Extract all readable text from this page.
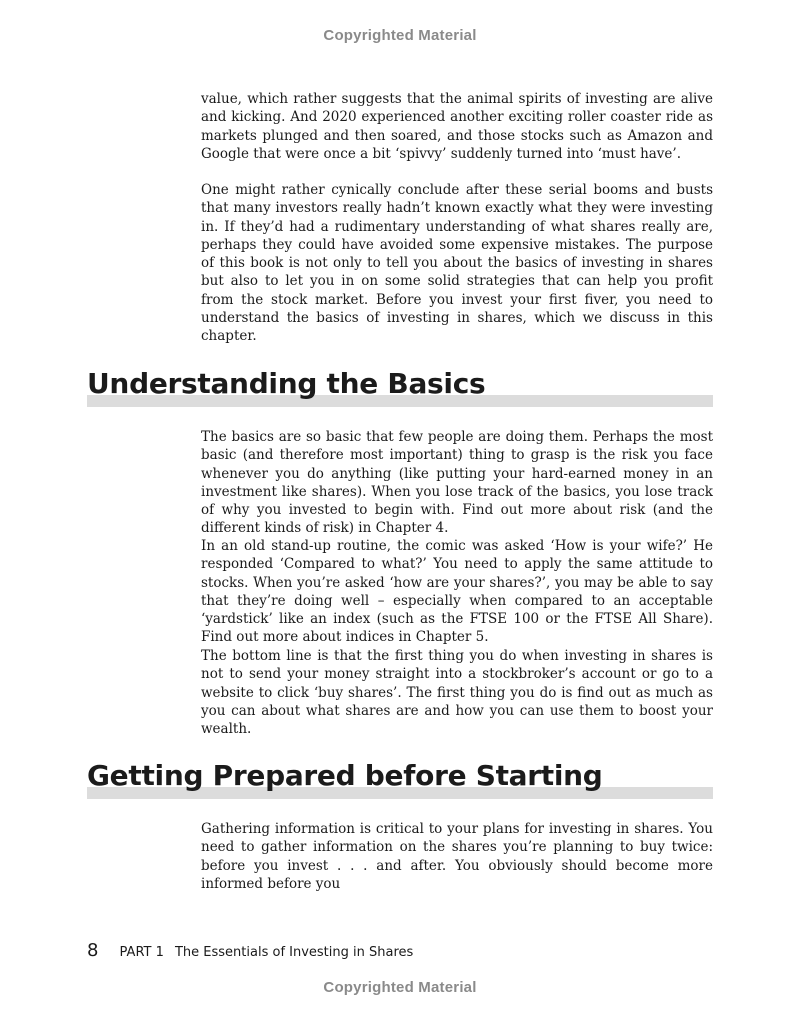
Copyrighted Material

value, which rather suggests that the animal spirits of investing are alive and kicking. And 2020 experienced another exciting roller coaster ride as markets plunged and then soared, and those stocks such as Amazon and Google that were once a bit ‘spivvy’ suddenly turned into ‘must have’.

One might rather cynically conclude after these serial booms and busts that many investors really hadn’t known exactly what they were investing in. If they’d had a rudimentary understanding of what shares really are, perhaps they could have avoided some expensive mistakes. The purpose of this book is not only to tell you about the basics of investing in shares but also to let you in on some solid strategies that can help you profit from the stock market. Before you invest your first fiver, you need to understand the basics of investing in shares, which we discuss in this chapter.

Understanding the Basics

The basics are so basic that few people are doing them. Perhaps the most basic (and therefore most important) thing to grasp is the risk you face whenever you do anything (like putting your hard-earned money in an investment like shares). When you lose track of the basics, you lose track of why you invested to begin with. Find out more about risk (and the different kinds of risk) in Chapter 4.

In an old stand-up routine, the comic was asked ‘How is your wife?’ He responded ‘Compared to what?’ You need to apply the same attitude to stocks. When you’re asked ‘how are your shares?’, you may be able to say that they’re doing well – especially when compared to an acceptable ‘yardstick’ like an index (such as the FTSE 100 or the FTSE All Share). Find out more about indices in Chapter 5.

The bottom line is that the first thing you do when investing in shares is not to send your money straight into a stockbroker’s account or go to a website to click ‘buy shares’. The first thing you do is find out as much as you can about what shares are and how you can use them to boost your wealth.

Getting Prepared before Starting

Gathering information is critical to your plans for investing in shares. You need to gather information on the shares you’re planning to buy twice: before you invest . . . and after. You obviously should become more informed before you

8 PART 1 The Essentials of Investing in Shares
Copyrighted Material
